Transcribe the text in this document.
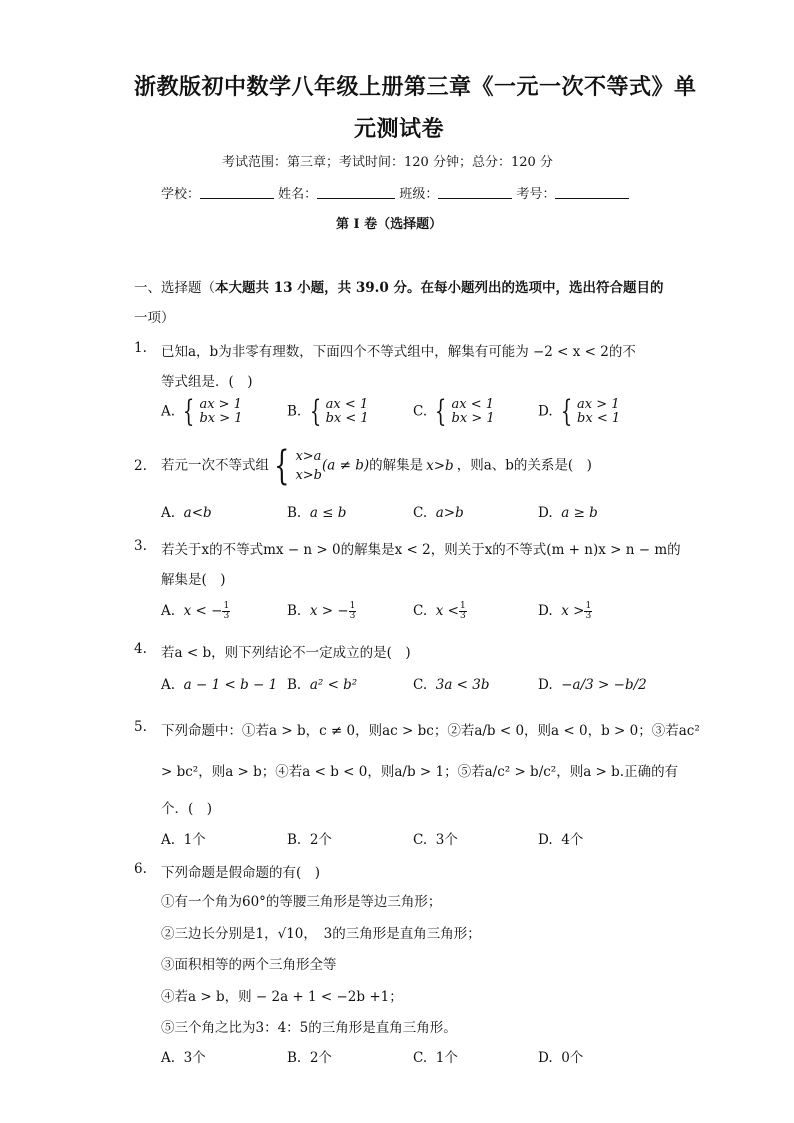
浙教版初中数学八年级上册第三章《一元一次不等式》单
元测试卷
考试范围：第三章；考试时间：120 分钟；总分：120 分
学校：	姓名：	班级：	考号：
第 I 卷（选择题）
一、选择题（本大题共 13 小题，共 39.0 分。在每小题列出的选项中，选出符合题目的
一项）
1. 已知a，b为非零有理数，下面四个不等式组中，解集有可能为 −2 < x < 2的不
等式组是．(　)
A. { ax > 1
bx > 1	B. { ax < 1
bx < 1	C. { ax < 1
bx > 1	D. { ax > 1
bx < 1
2. 若元一次不等式组 { x>a
x>b
(a ≠ b)的解集是 x>b ，则a、b的关系是(　)
A. a<b	B. a ≤ b	C. a>b	D. a ≥ b
3. 若关于x的不等式mx − n > 0的解集是x < 2，则关于x的不等式(m + n)x > n − m的
解集是(　)
A. x < − $\frac{1}{3}$	B. x > − $\frac{1}{3}$	C. $x < \frac{1}{3}$	D. $x > \frac{1}{3}$
4. 若a < b，则下列结论不一定成立的是(　)
A. a − 1 < b − 1 B. a² < b²	C. 3a < 3b	D. −a/3 > −b/2
5. 下列命题中：①若a > b，c ≠ 0，则ac > bc；②若a/b < 0，则a < 0，b > 0；③若ac²
> bc²，则a > b；④若a < b < 0，则a/b > 1；⑤若a/c² > b/c²，则a > b.正确的有
个．(　)
A. 1个	B. 2个	C. 3个	D. 4个
6. 下列命题是假命题的有(　)
①有一个角为60°的等腰三角形是等边三角形；
②三边长分别是1，√10，　3的三角形是直角三角形；
③面积相等的两个三角形全等
④若a > b，则 − 2a + 1 < −2b +1；
⑤三个角之比为3：4：5的三角形是直角三角形。
A. 3个	B. 2个	C. 1个	D. 0个
